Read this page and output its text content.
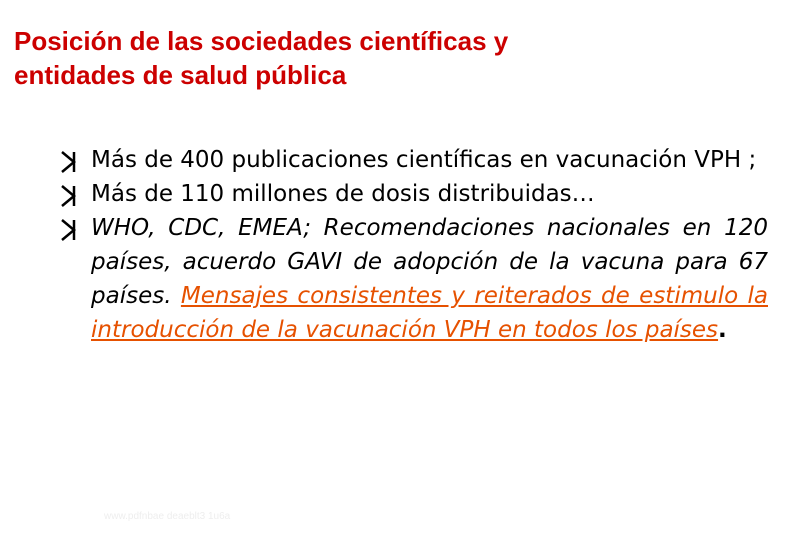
Posición de las sociedades científicas y
entidades de salud pública
Más de 400 publicaciones científicas en vacunación VPH ;
Más de 110 millones de dosis distribuidas…
WHO, CDC, EMEA; Recomendaciones nacionales en 120 países, acuerdo GAVI de adopción de la vacuna para 67 países. Mensajes consistentes y reiterados de estimulo la introducción de la vacunación VPH en todos los países.
www.pdfnbae deaeblt3 1u6a
